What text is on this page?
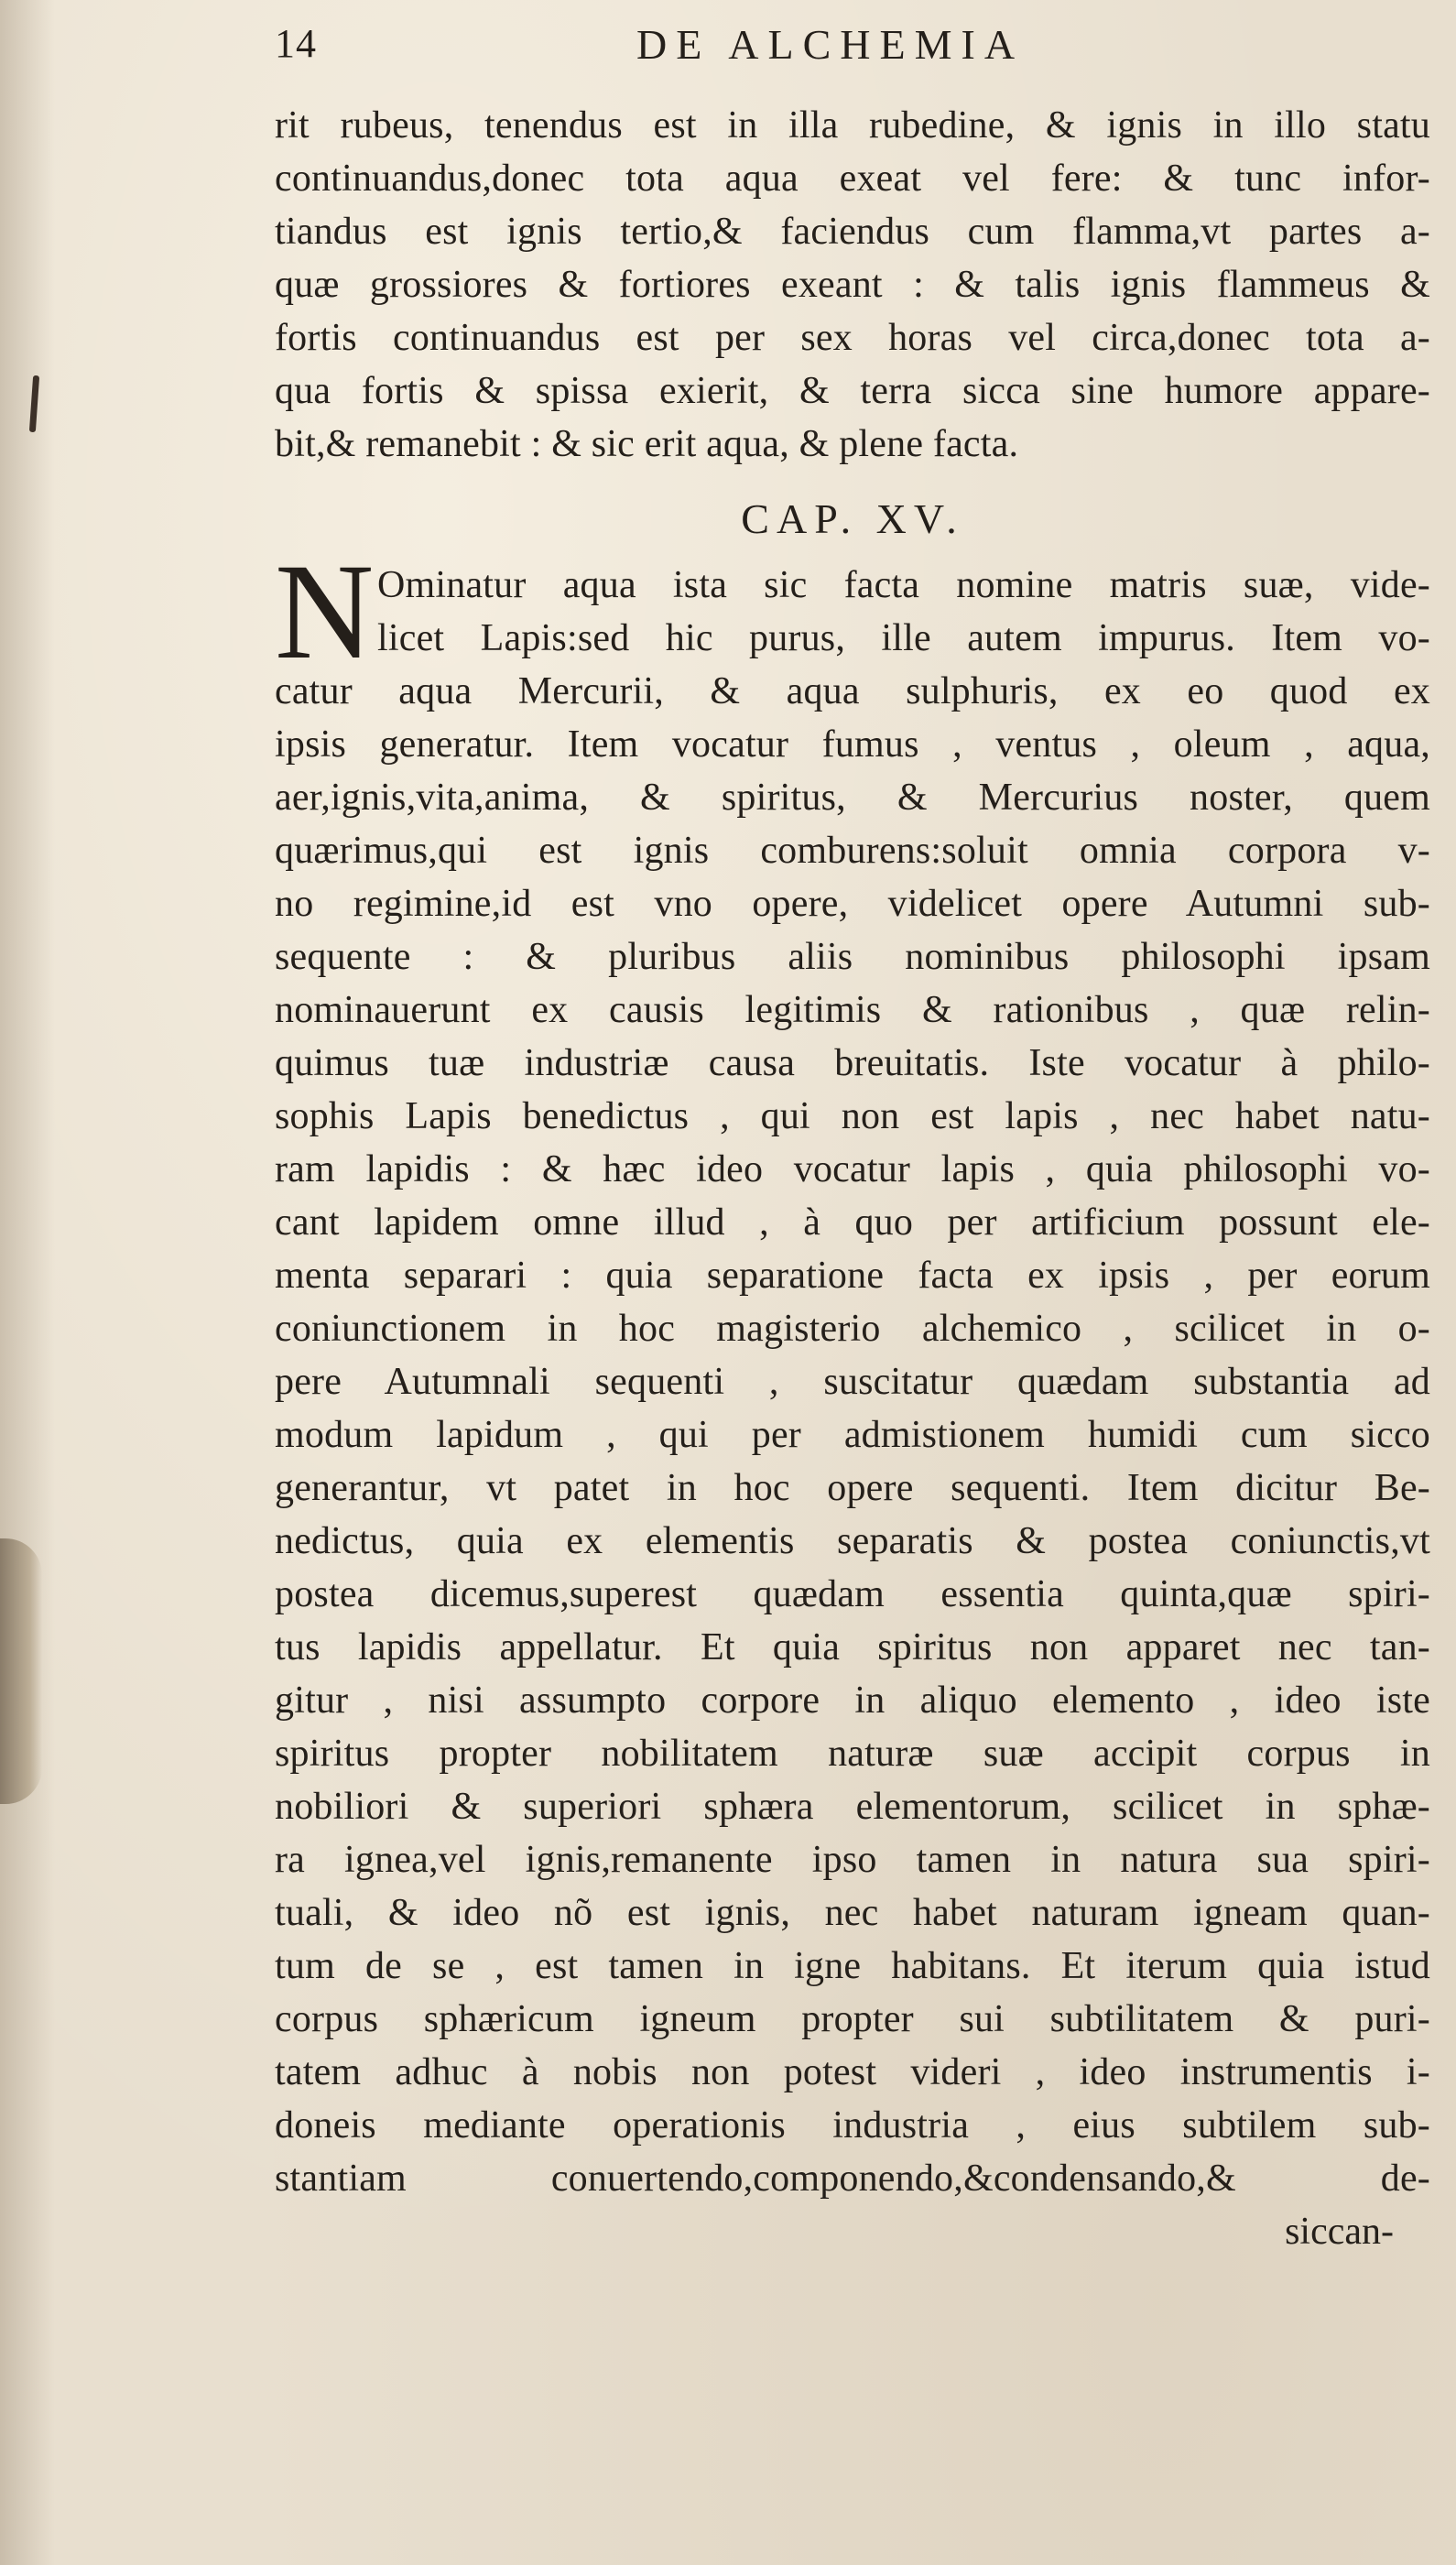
14	DE ALCHEMIA
rit rubeus, tenendus est in illa rubedine, & ignis in illo statu
continuandus,donec tota aqua exeat vel fere: & tunc infor-
tiandus est ignis tertio,& faciendus cum flamma,vt partes a-
quæ grossiores & fortiores exeant : & talis ignis flammeus &
fortis continuandus est per sex horas vel circa,donec tota a-
qua fortis & spissa exierit, & terra sicca sine humore appare-
bit,& remanebit : & sic erit aqua, & plene facta.
CAP. XV.
N Ominatur aqua ista sic facta nomine matris suæ, vide-
licet Lapis:sed hic purus, ille autem impurus. Item vo-
catur aqua Mercurii, & aqua sulphuris, ex eo quod ex
ipsis generatur. Item vocatur fumus , ventus , oleum , aqua,
aer,ignis,vita,anima, & spiritus, & Mercurius noster, quem
quærimus,qui est ignis comburens:soluit omnia corpora v-
no regimine,id est vno opere, videlicet opere Autumni sub-
sequente : & pluribus aliis nominibus philosophi ipsam
nominauerunt ex causis legitimis & rationibus , quæ relin-
quimus tuæ industriæ causa breuitatis. Iste vocatur à philo-
sophis Lapis benedictus , qui non est lapis , nec habet natu-
ram lapidis : & hæc ideo vocatur lapis , quia philosophi vo-
cant lapidem omne illud , à quo per artificium possunt ele-
menta separari : quia separatione facta ex ipsis , per eorum
coniunctionem in hoc magisterio alchemico , scilicet in o-
pere Autumnali sequenti , suscitatur quædam substantia ad
modum lapidum , qui per admistionem humidi cum sicco
generantur, vt patet in hoc opere sequenti. Item dicitur Be-
nedictus, quia ex elementis separatis & postea coniunctis,vt
postea dicemus,superest quædam essentia quinta,quæ spiri-
tus lapidis appellatur. Et quia spiritus non apparet nec tan-
gitur , nisi assumpto corpore in aliquo elemento , ideo iste
spiritus propter nobilitatem naturæ suæ accipit corpus in
nobiliori & superiori sphæra elementorum, scilicet in sphæ-
ra ignea,vel ignis,remanente ipso tamen in natura sua spiri-
tuali, & ideo nõ est ignis, nec habet naturam igneam quan-
tum de se , est tamen in igne habitans. Et iterum quia istud
corpus sphæricum igneum propter sui subtilitatem & puri-
tatem adhuc à nobis non potest videri , ideo instrumentis i-
doneis mediante operationis industria , eius subtilem sub-
stantiam conuertendo,componendo,&condensando,& de-
siccan-
